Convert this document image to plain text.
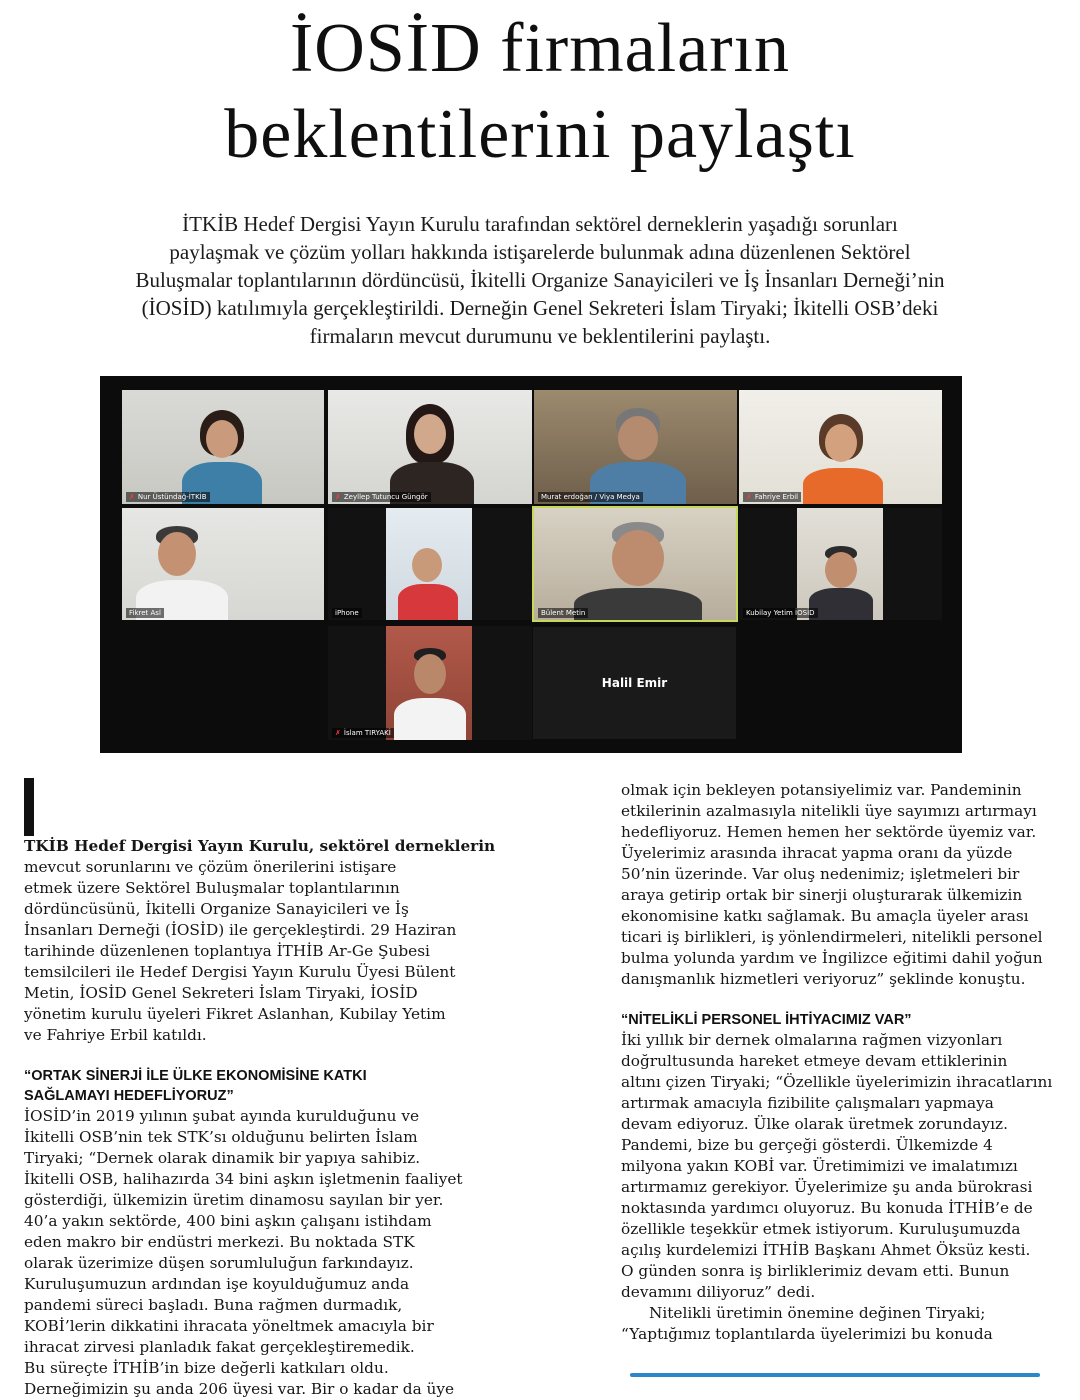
İOSİD firmaların
beklentilerini paylaştı
İTKİB Hedef Dergisi Yayın Kurulu tarafından sektörel derneklerin yaşadığı sorunları
paylaşmak ve çözüm yolları hakkında istişarelerde bulunmak adına düzenlenen Sektörel
Buluşmalar toplantılarının dördüncüsü, İkitelli Organize Sanayicileri ve İş İnsanları Derneği’nin
(İOSİD) katılımıyla gerçekleştirildi. Derneğin Genel Sekreteri İslam Tiryaki; İkitelli OSB’deki
firmaların mevcut durumunu ve beklentilerini paylaştı.
✗ Nur Üstündağ-İTKİB	✗ Zeyllep Tutuncu Güngör	Murat erdoğan / Viya Medya	✗ Fahriye Erbil
Fikret Asl	iPhone	Bülent Metin	Kubilay Yetim İOSİD
✗ İslam TIRYAKİ
Halil Emir
TKİB Hedef Dergisi Yayın Kurulu, sektörel derneklerin
mevcut sorunlarını ve çözüm önerilerini istişare
etmek üzere Sektörel Buluşmalar toplantılarının

dördüncüsünü, İkitelli Organize Sanayicileri ve İş
İnsanları Derneği (İOSİD) ile gerçekleştirdi. 29 Haziran
tarihinde düzenlenen toplantıya İTHİB Ar-Ge Şubesi
temsilcileri ile Hedef Dergisi Yayın Kurulu Üyesi Bülent
Metin, İOSİD Genel Sekreteri İslam Tiryaki, İOSİD
yönetim kurulu üyeleri Fikret Aslanhan, Kubilay Yetim
ve Fahriye Erbil katıldı.
“ORTAK SİNERJİ İLE ÜLKE EKONOMİSİNE KATKI
SAĞLAMAYI HEDEFLİYORUZ”
İOSİD’in 2019 yılının şubat ayında kurulduğunu ve
İkitelli OSB’nin tek STK’sı olduğunu belirten İslam
Tiryaki; “Dernek olarak dinamik bir yapıya sahibiz.
İkitelli OSB, halihazırda 34 bini aşkın işletmenin faaliyet
gösterdiği, ülkemizin üretim dinamosu sayılan bir yer.
40’a yakın sektörde, 400 bini aşkın çalışanı istihdam
eden makro bir endüstri merkezi. Bu noktada STK
olarak üzerimize düşen sorumluluğun farkındayız.
Kuruluşumuzun ardından işe koyulduğumuz anda
pandemi süreci başladı. Buna rağmen durmadık,
KOBİ’lerin dikkatini ihracata yöneltmek amacıyla bir
ihracat zirvesi planladık fakat gerçekleştiremedik.
Bu süreçte İTHİB’in bize değerli katkıları oldu.
Derneğimizin şu anda 206 üyesi var. Bir o kadar da üye
olmak için bekleyen potansiyelimiz var. Pandeminin
etkilerinin azalmasıyla nitelikli üye sayımızı artırmayı
hedefliyoruz. Hemen hemen her sektörde üyemiz var.
Üyelerimiz arasında ihracat yapma oranı da yüzde
50’nin üzerinde. Var oluş nedenimiz; işletmeleri bir
araya getirip ortak bir sinerji oluşturarak ülkemizin
ekonomisine katkı sağlamak. Bu amaçla üyeler arası
ticari iş birlikleri, iş yönlendirmeleri, nitelikli personel
bulma yolunda yardım ve İngilizce eğitimi dahil yoğun
danışmanlık hizmetleri veriyoruz” şeklinde konuştu.
“NİTELİKLİ PERSONEL İHTİYACIMIZ VAR”
İki yıllık bir dernek olmalarına rağmen vizyonları
doğrultusunda hareket etmeye devam ettiklerinin
altını çizen Tiryaki; “Özellikle üyelerimizin ihracatlarını
artırmak amacıyla fizibilite çalışmaları yapmaya
devam ediyoruz. Ülke olarak üretmek zorundayız.
Pandemi, bize bu gerçeği gösterdi. Ülkemizde 4
milyona yakın KOBİ var. Üretimimizi ve imalatımızı
artırmamız gerekiyor. Üyelerimize şu anda bürokrasi
noktasında yardımcı oluyoruz. Bu konuda İTHİB’e de
özellikle teşekkür etmek istiyorum. Kuruluşumuzda
açılış kurdelemizi İTHİB Başkanı Ahmet Öksüz kesti.
O günden sonra iş birliklerimiz devam etti. Bunun
devamını diliyoruz” dedi.
Nitelikli üretimin önemine değinen Tiryaki;
“Yaptığımız toplantılarda üyelerimizi bu konuda
